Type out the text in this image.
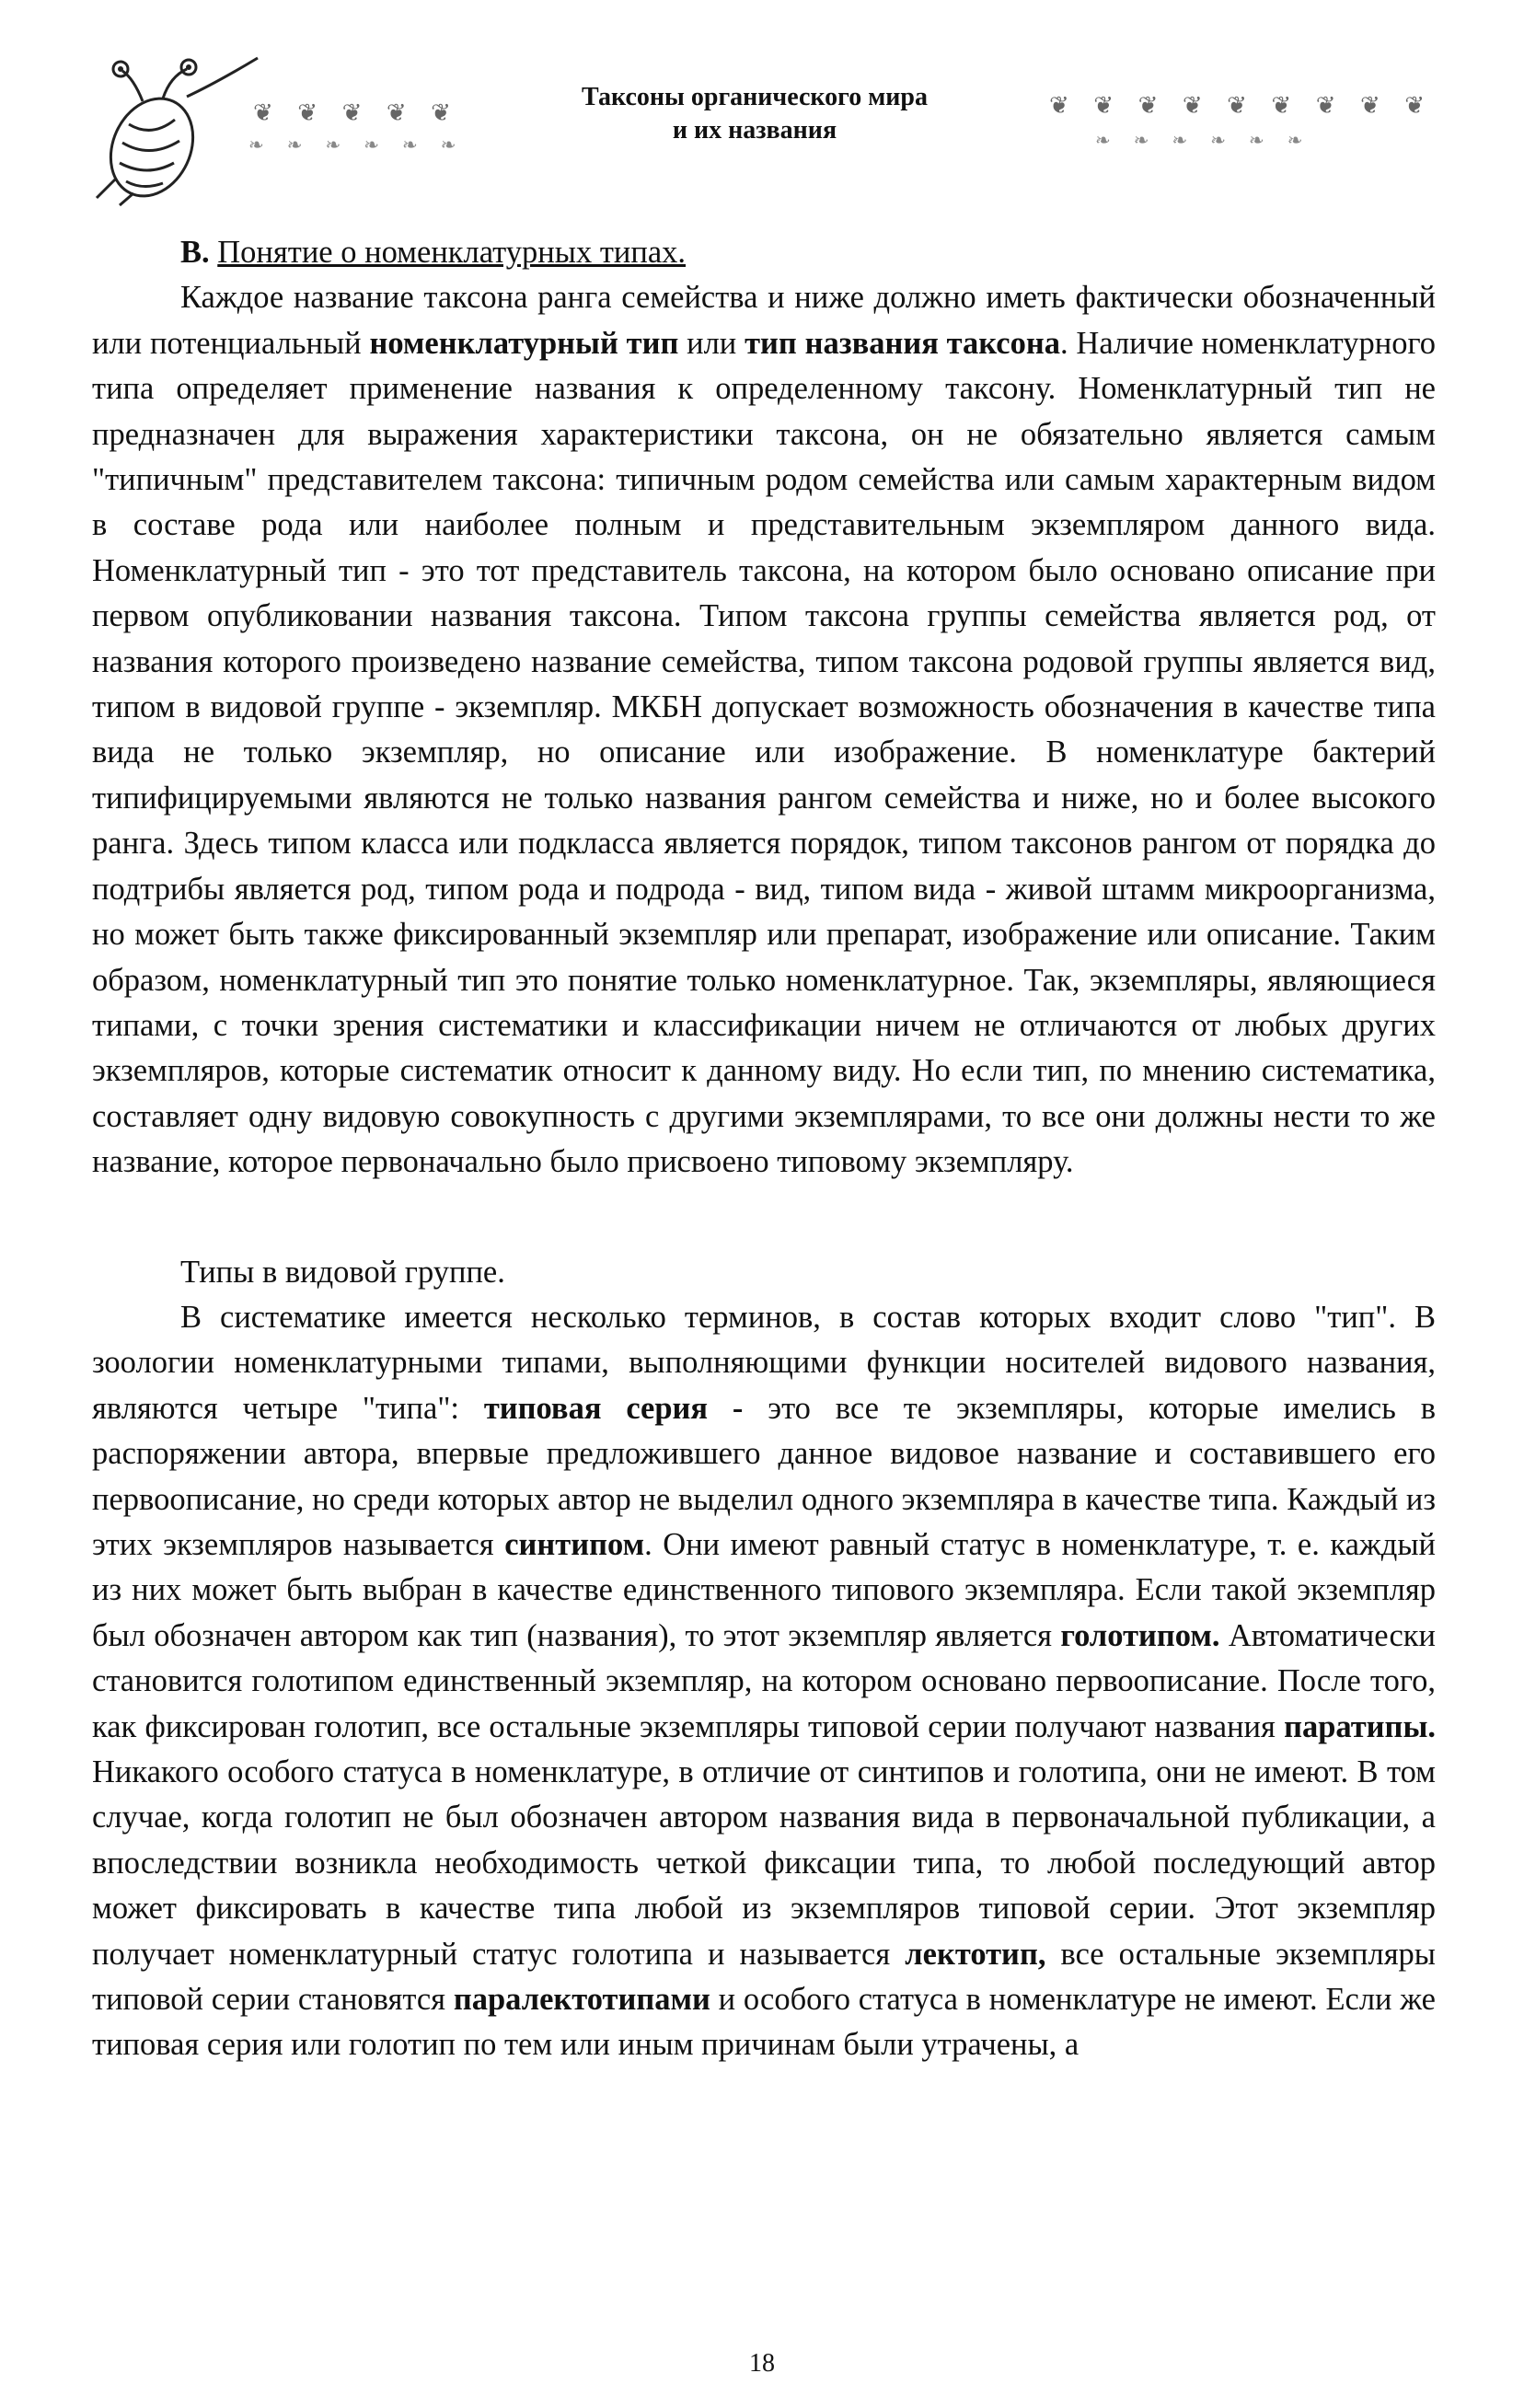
Таксоны органического мира
и их названия
❦ ❦ ❦ ❦ ❦
❧ ❧ ❧ ❧ ❧ ❧
❦ ❦ ❦ ❦ ❦ ❦ ❦ ❦ ❦
❧ ❧ ❧ ❧ ❧ ❧
В. Понятие о номенклатурных типах.

Каждое название таксона ранга семейства и ниже должно иметь фактически обозначенный или потенциальный номенклатурный тип или тип названия таксона. Наличие номенклатурного типа определяет применение названия к определенному таксону. Номенклатурный тип не предназначен для выражения характеристики таксона, он не обязательно является самым "типичным" представителем таксона: типичным родом семейства или самым характерным видом в составе рода или наиболее полным и представительным экземпляром данного вида. Номенклатурный тип - это тот представитель таксона, на котором было основано описание при первом опубликовании названия таксона. Типом таксона группы семейства является род, от названия которого произведено название семейства, типом таксона родовой группы является вид, типом в видовой группе - экземпляр. МКБН допускает возможность обозначения в качестве типа вида не только экземпляр, но описание или изображение. В номенклатуре бактерий типифицируемыми являются не только названия рангом семейства и ниже, но и более высокого ранга. Здесь типом класса или подкласса является порядок, типом таксонов рангом от порядка до подтрибы является род, типом рода и подрода - вид, типом вида - живой штамм микроорганизма, но может быть также фиксированный экземпляр или препарат, изображение или описание. Таким образом, номенклатурный тип это понятие только номенклатурное. Так, экземпляры, являющиеся типами, с точки зрения систематики и классификации ничем не отличаются от любых других экземпляров, которые систематик относит к данному виду. Но если тип, по мнению систематика, составляет одну видовую совокупность с другими экземплярами, то все они должны нести то же название, которое первоначально было присвоено типовому экземпляру.

Типы в видовой группе.

В систематике имеется несколько терминов, в состав которых входит слово "тип". В зоологии номенклатурными типами, выполняющими функции носителей видового названия, являются четыре "типа": типовая серия - это все те экземпляры, которые имелись в распоряжении автора, впервые предложившего данное видовое название и составившего его первоописание, но среди которых автор не выделил одного экземпляра в качестве типа. Каждый из этих экземпляров называется синтипом. Они имеют равный статус в номенклатуре, т. е. каждый из них может быть выбран в качестве единственного типового экземпляра. Если такой экземпляр был обозначен автором как тип (названия), то этот экземпляр является голотипом. Автоматически становится голотипом единственный экземпляр, на котором основано первоописание. После того, как фиксирован голотип, все остальные экземпляры типовой серии получают названия паратипы. Никакого особого статуса в номенклатуре, в отличие от синтипов и голотипа, они не имеют. В том случае, когда голотип не был обозначен автором названия вида в первоначальной публикации, а впоследствии возникла необходимость четкой фиксации типа, то любой последующий автор может фиксировать в качестве типа любой из экземпляров типовой серии. Этот экземпляр получает номенклатурный статус голотипа и называется лектотип, все остальные экземпляры типовой серии становятся паралектотипами и особого статуса в номенклатуре не имеют. Если же типовая серия или голотип по тем или иным причинам были утрачены, а

18
